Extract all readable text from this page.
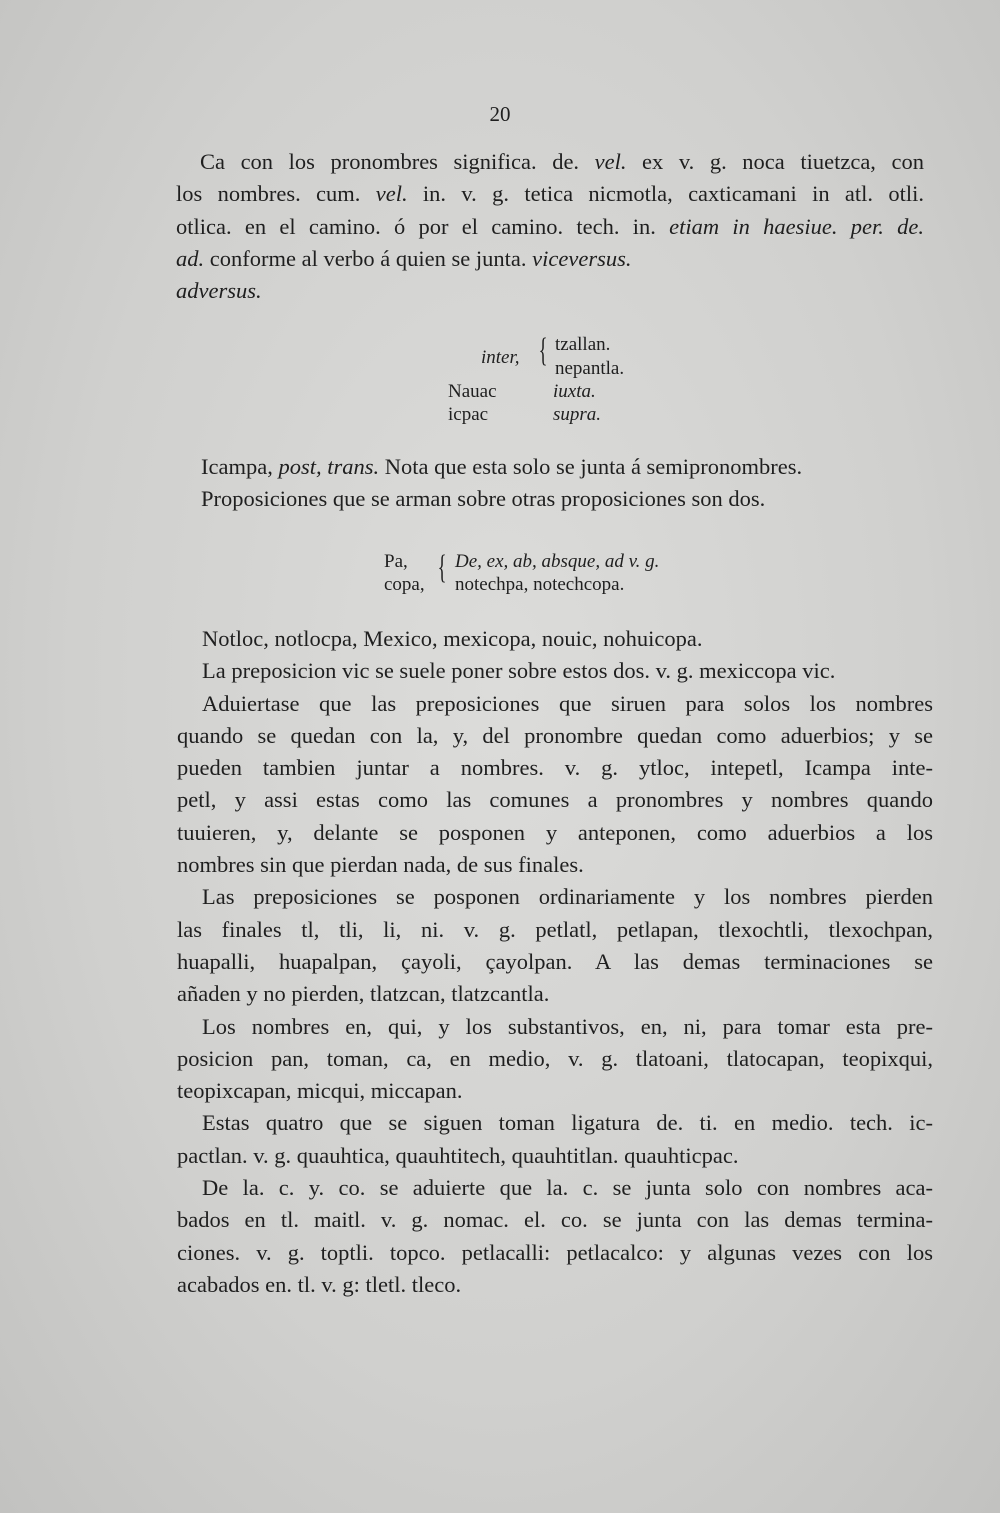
20
Ca con los pronombres significa. de. vel. ex v. g. noca tiuetzca, con
los nombres. cum. vel. in. v. g. tetica nicmotla, caxticamani in atl. otli.
otlica. en el camino. ó por el camino. tech. in. etiam in haesiue. per. de.
ad. conforme al verbo á quien se junta. viceversus.
adversus.
inter, { tzallan.
nepantla.
Nauac	iuxta.
icpac	supra.
Icampa, post, trans. Nota que esta solo se junta á semipronombres.
Proposiciones que se arman sobre otras proposiciones son dos.
Pa,
copa, { De, ex, ab, absque, ad v. g.
notechpa, notechcopa.
Notloc, notlocpa, Mexico, mexicopa, nouic, nohuicopa.
La preposicion vic se suele poner sobre estos dos. v. g. mexiccopa vic.
Aduiertase que las preposiciones que siruen para solos los nombres
quando se quedan con la, y, del pronombre quedan como aduerbios; y se
pueden tambien juntar a nombres. v. g. ytloc, intepetl, Icampa inte-
petl, y assi estas como las comunes a pronombres y nombres quando
tuuieren, y, delante se posponen y anteponen, como aduerbios a los
nombres sin que pierdan nada, de sus finales.
Las preposiciones se posponen ordinariamente y los nombres pierden
las finales tl, tli, li, ni. v. g. petlatl, petlapan, tlexochtli, tlexochpan,
huapalli, huapalpan, çayoli, çayolpan. A las demas terminaciones se
añaden y no pierden, tlatzcan, tlatzcantla.
Los nombres en, qui, y los substantivos, en, ni, para tomar esta pre-
posicion pan, toman, ca, en medio, v. g. tlatoani, tlatocapan, teopixqui,
teopixcapan, micqui, miccapan.
Estas quatro que se siguen toman ligatura de. ti. en medio. tech. ic-
pactlan. v. g. quauhtica, quauhtitech, quauhtitlan. quauhticpac.
De la. c. y. co. se aduierte que la. c. se junta solo con nombres aca-
bados en tl. maitl. v. g. nomac. el. co. se junta con las demas termina-
ciones. v. g. toptli. topco. petlacalli: petlacalco: y algunas vezes con los
acabados en. tl. v. g: tletl. tleco.
